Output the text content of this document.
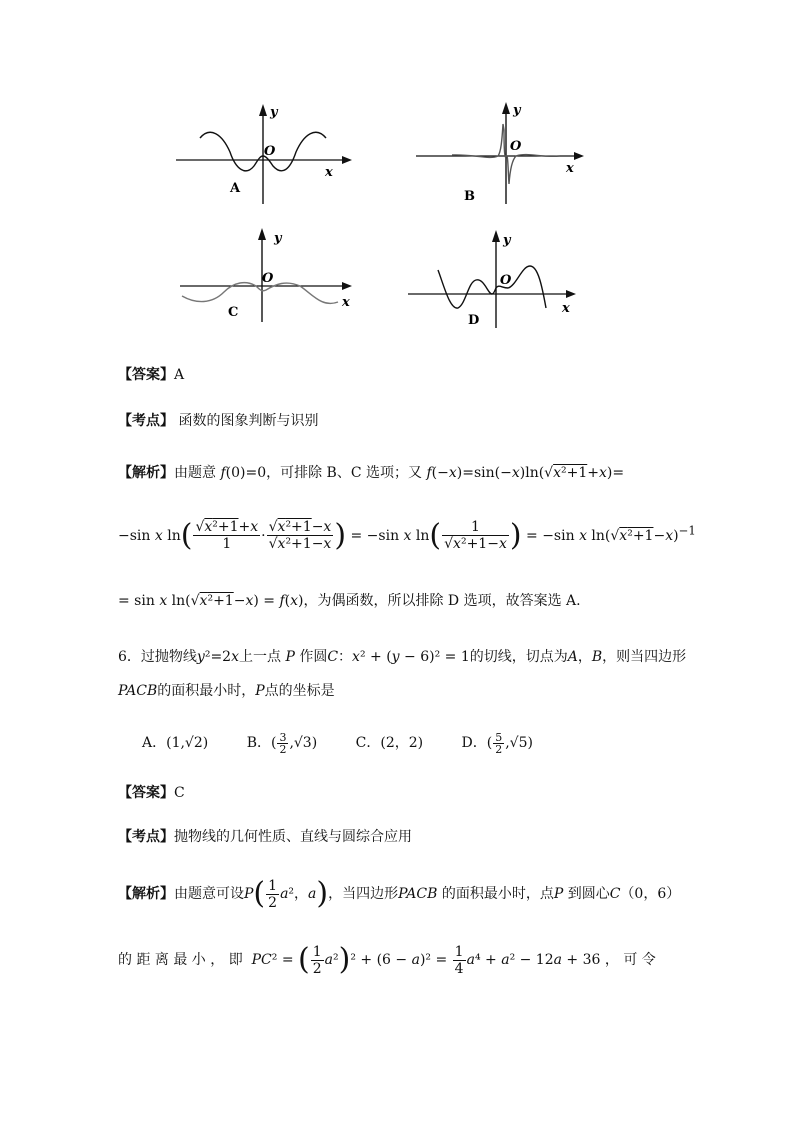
y
O
x
A
y
O
x
B
y
O
x
C
y
O
x
D
【答案】A
【考点】 函数的图象判断与识别
【解析】由题意 f(0)=0，可排除 B、C 选项；又 f(−x)=sin(−x)ln(√x²+1+x)=
−sin x $\ln( \frac{\text{√x²+1+x}}{1} \cdot \frac{\text{√x²+1−x}}{\text{√x²+1−x}}$ ) = −sin x $\ln( \frac{1}{\text{√x²+1−x}}$ ) = −sin x $\ln(√x^2+1-x)^{-1}$
= sin x ln(√x²+1−x) = f(x)，为偶函数，所以排除 D 选项，故答案选 A.
6．过抛物线y²=2x上一点 P 作圆C：x² + (y − 6)² = 1的切线，切点为A，B，则当四边形
PACB的面积最小时，P点的坐标是
A．(1,√2)	B．( $\frac{3}{2} ,√3$)	C．(2，2)	D．( $\frac{5}{2} ,√5$)
【答案】C
【考点】抛物线的几何性质、直线与圆综合应用
【解析】由题意可设$P( \frac{1}{2} a^2$，a)，当四边形PACB 的面积最小时，点P 到圆心C（0，6）
的 距 离 最 小 ， 即 PC² = ( $\frac{1}{2} a^2)^2 + (6 - a)^2 = \frac{1}{4} a^4 + a^2 - 12a + 36$ ， 可 令
